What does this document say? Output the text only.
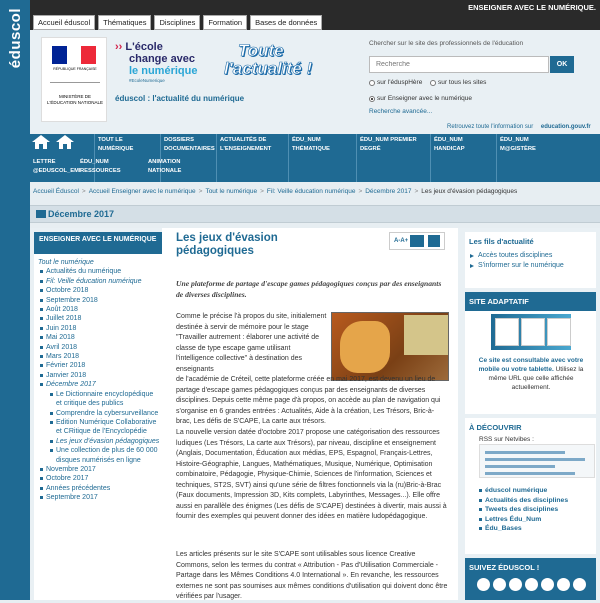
éduscol	Accueil éduscol	Thématiques	Disciplines	Formation	Bases de données
ENSEIGNER AVEC LE NUMÉRIQUE.
RÉPUBLIQUE FRANÇAISE
MINISTÈRE DE L'ÉDUCATION NATIONALE
›› L'école
change avec
le numérique
#EcoleNumerique
Toute
l'actualité !
éduscol : l'actualité du numérique
Chercher sur le site des professionnels de l'éducation
Recherche
OK
sur l'éduspHère sur tous les sites
sur Enseigner avec le numérique
Recherche avancée...
Retrouvez toute l'information sur education.gouv.fr

TOUT LE NUMÉRIQUE
DOSSIERS DOCUMENTAIRES
ACTUALITÉS DE L'ENSEIGNEMENT
ÉDU_NUM THÉMATIQUE
ÉDU_NUM PREMIER DEGRÉ
ÉDU_NUM HANDICAP
ÉDU_NUM M@GISTÈRE
LETTRE @EDUSCOL_EMI
ÉDU_NUM RESSOURCES
ANIMATION NATIONALE
Accueil Éduscol > Accueil Enseigner avec le numérique > Tout le numérique > Fil: Veille éducation numérique > Décembre 2017 > Les jeux d'évasion pédagogiques
Décembre 2017
ENSEIGNER AVEC LE NUMÉRIQUE
Tout le numérique
Actualités du numérique
Fil: Veille éducation numérique
Octobre 2018
Septembre 2018
Août 2018
Juillet 2018
Juin 2018
Mai 2018
Avril 2018
Mars 2018
Février 2018
Janvier 2018
Décembre 2017
Le Dictionnaire encyclopédique et critique des publics
Comprendre la cybersurveillance
Edition Numérique Collaborative et CRitique de l'Encyclopédie
Les jeux d'évasion pédagogiques
Une collection de plus de 60 000 disques numérisés en ligne
Novembre 2017
Octobre 2017
Années précédentes
Septembre 2017
Les jeux d'évasion pédagogiques
A-A+
Une plateforme de partage d'escape games pédagogiques conçus par des enseignants de diverses disciplines.
Comme le précise l'à propos du site, initialement destinée à servir de mémoire pour le stage "Travailler autrement : élaborer une activité de classe de type escape game utilisant l'intelligence collective" à destination des enseignants
de l'académie de Créteil, cette plateforme créée en mai 2017, est devenu un lieu de partage d'escape games pédagogiques conçus par des enseignants de diverses disciplines. Depuis cette même page d'à propos, on accède au plan de navigation qui s'organise en 6 grandes entrées : Actualités, Aide à la création, Les Trésors, Bric-à-brac, Les défis de S'CAPE, La carte aux trésors.
La nouvelle version datée d'octobre 2017 propose une catégorisation des ressources ludiques (Les Trésors, La carte aux Trésors), par niveau, discipline et enseignement (Anglais, Documentation, Éducation aux médias, EPS, Espagnol, Français-Lettres, Histoire-Géographie, Langues, Mathématiques, Musique, Numérique, Optimisation combinatoire, Pédagogie, Physique-Chimie, Sciences de l'information, Sciences et techniques, ST2S, SVT) ainsi qu'une série de filtres fonctionnels via la (ru)Bric-à-Brac (Faux documents, Impression 3D, Kits complets, Labyrinthes, Messages...). Elle offre aussi en parallèle des énigmes (Les défis de S'CAPE) destinées à divertir, mais aussi à fournir des exemples qui peuvent donner des idées en matière ludopédagogique.
Les articles présents sur le site S'CAPE sont utilisables sous licence Creative Commons, selon les termes du contrat « Attribution - Pas d'Utilisation Commerciale - Partage dans les Mêmes Conditions 4.0 International ». En revanche, les ressources externes ne sont pas soumises aux mêmes conditions d'utilisation qui doivent donc être vérifiées par l'usager.
Les fils d'actualité
Accès toutes disciplines
S'informer sur le numérique
SITE ADAPTATIF
Ce site est consultable avec votre mobile ou votre tablette. Utilisez la même URL que celle affichée actuellement.
À DÉCOUVRIR
RSS sur Netvibes :
éduscol numérique
Actualités des disciplines
Tweets des disciplines
Lettres Édu_Num
Édu_Bases
SUIVEZ ÉDUSCOL !
